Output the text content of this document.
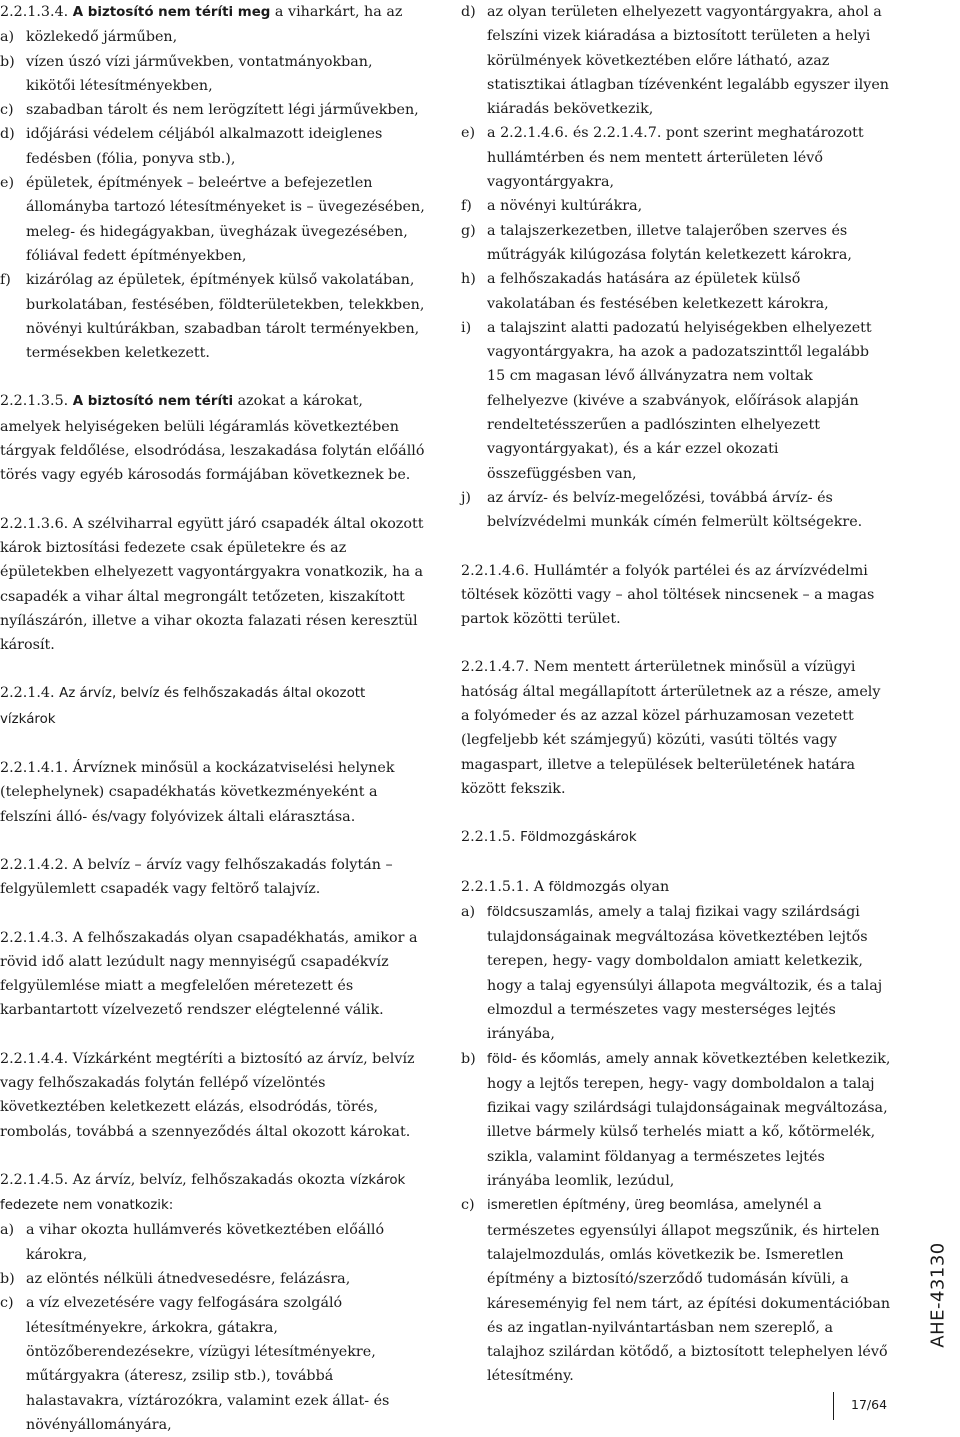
2.2.1.3.4. A biztosító nem téríti meg a viharkárt, ha az

a) közlekedő járműben,
b) vízen úszó vízi járművekben, vontatmányokban, kikötői létesítményekben,
c) szabadban tárolt és nem lerögzített légi járművekben,
d) időjárási védelem céljából alkalmazott ideiglenes fedésben (fólia, ponyva stb.),
e) épületek, építmények – beleértve a befejezetlen állományba tartozó létesítményeket is – üvegezésében, meleg- és hidegágyakban, üvegházak üvegezésében, fóliával fedett építményekben,
f)	kizárólag az épületek, építmények külső vakolatában, burkolatában, festésében, földterületekben, telekkben, növényi kultúrákban, szabadban tárolt terményekben, termésekben keletkezett.

2.2.1.3.5. A biztosító nem téríti azokat a károkat, amelyek helyiségeken belüli légáramlás következtében tárgyak feldőlése, elsodródása, leszakadása folytán előálló törés vagy egyéb károsodás formájában következnek be.

2.2.1.3.6. A szélviharral együtt járó csapadék által okozott károk biztosítási fedezete csak épületekre és az épületekben elhelyezett vagyontárgyakra vonatkozik, ha a csapadék a vihar által megrongált tetőzeten, kiszakított nyílászárón, illetve a vihar okozta falazati résen keresztül károsít.

2.2.1.4. Az árvíz, belvíz és felhőszakadás által okozott vízkárok

2.2.1.4.1. Árvíznek minősül a kockázatviselési helynek (telephelynek) csapadékhatás következményeként a felszíni álló- és/vagy folyóvizek általi elárasztása.

2.2.1.4.2. A belvíz – árvíz vagy felhőszakadás folytán – felgyülemlett csapadék vagy feltörő talajvíz.

2.2.1.4.3. A felhőszakadás olyan csapadékhatás, amikor a rövid idő alatt lezúdult nagy mennyiségű csapadékvíz felgyülemlése miatt a megfelelően méretezett és karbantartott vízelvezető rendszer elégtelenné válik.

2.2.1.4.4. Vízkárként megtéríti a biztosító az árvíz, belvíz vagy felhőszakadás folytán fellépő vízelöntés következtében keletkezett elázás, elsodródás, törés, rombolás, továbbá a szennyeződés által okozott károkat.

2.2.1.4.5. Az árvíz, belvíz, felhőszakadás okozta vízkárok fedezete nem vonatkozik:

a) a vihar okozta hullámverés következtében előálló károkra,
b) az elöntés nélküli átnedvesedésre, felázásra,
c) a víz elvezetésére vagy felfogására szolgáló létesítményekre, árkokra, gátakra, öntözőberendezésekre, vízügyi létesítményekre, műtárgyakra (áteresz, zsilip stb.), továbbá halastavakra, víztározókra, valamint ezek állat- és növényállományára,
d) az olyan területen elhelyezett vagyontárgyakra, ahol a felszíni vizek kiáradása a biztosított területen a helyi körülmények következtében előre látható, azaz statisztikai átlagban tízévenként legalább egyszer ilyen kiáradás bekövetkezik,
e) a 2.2.1.4.6. és 2.2.1.4.7. pont szerint meghatározott hullámtérben és nem mentett árterületen lévő vagyontárgyakra,
f)	a növényi kultúrákra,
g) a talajszerkezetben, illetve talajerőben szerves és műtrágyák kilúgozása folytán keletkezett károkra,
h) a felhőszakadás hatására az épületek külső vakolatában és festésében keletkezett károkra,
i)	a talajszint alatti padozatú helyiségekben elhelyezett vagyontárgyakra, ha azok a padozatszinttől legalább 15 cm magasan lévő állványzatra nem voltak felhelyezve (kivéve a szabványok, előírások alapján rendeltetésszerűen a padlószinten elhelyezett vagyontárgyakat), és a kár ezzel okozati összefüggésben van,
j)	az árvíz- és belvíz-megelőzési, továbbá árvíz- és belvízvédelmi munkák címén felmerült költségekre.

2.2.1.4.6. Hullámtér a folyók partélei és az árvízvédelmi töltések közötti vagy – ahol töltések nincsenek – a magas partok közötti terület.

2.2.1.4.7. Nem mentett árterületnek minősül a vízügyi hatóság által megállapított árterületnek az a része, amely a folyómeder és az azzal közel párhuzamosan vezetett (legfeljebb két számjegyű) közúti, vasúti töltés vagy magaspart, illetve a települések belterületének határa között fekszik.

2.2.1.5. Földmozgáskárok

2.2.1.5.1. A földmozgás olyan

a) földcsuszamlás, amely a talaj fizikai vagy szilárdsági tulajdonságainak megváltozása következtében lejtős terepen, hegy- vagy domboldalon amiatt keletkezik, hogy a talaj egyensúlyi állapota megváltozik, és a talaj elmozdul a természetes vagy mesterséges lejtés irányába,
b) föld- és kőomlás, amely annak következtében keletkezik, hogy a lejtős terepen, hegy- vagy domboldalon a talaj fizikai vagy szilárdsági tulajdonságainak megváltozása, illetve bármely külső terhelés miatt a kő, kőtörmelék, szikla, valamint földanyag a természetes lejtés irányába leomlik, lezúdul,
c) ismeretlen építmény, üreg beomlása, amelynél a természetes egyensúlyi állapot megszűnik, és hirtelen talajelmozdulás, omlás következik be. Ismeretlen építmény a biztosító/szerződő tudomásán kívüli, a káreseményig fel nem tárt, az építési dokumentációban és az ingatlan-nyilvántartásban nem szereplő, a talajhoz szilárdan kötődő, a biztosított telephelyen lévő létesítmény.
AHE-43130
17/64
